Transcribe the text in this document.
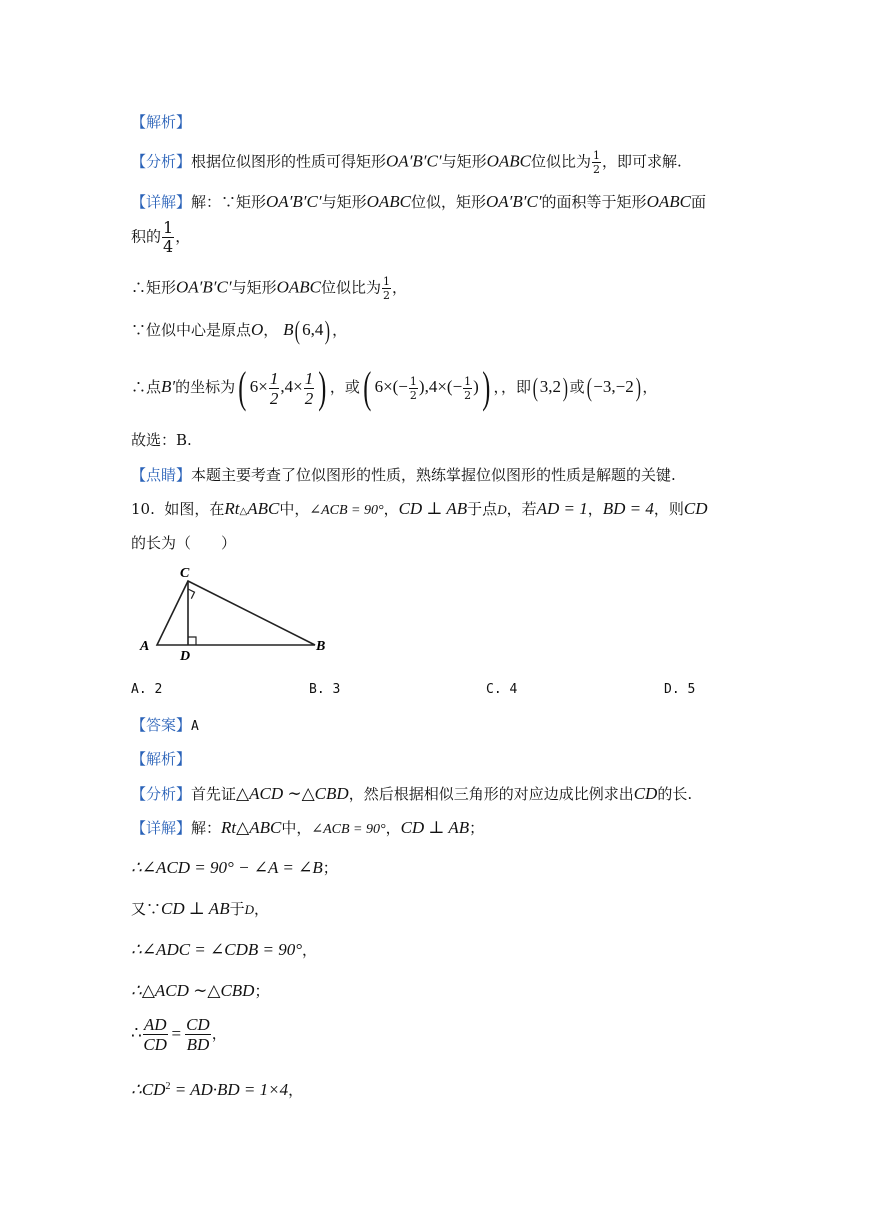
【解析】
【分析】根据位似图形的性质可得矩形OA′B′C′与矩形OABC位似比为 $\frac{1}{2}$ ，即可求解.
【详解】解：∵矩形OA′B′C′与矩形OABC位似，矩形OA′B′C′的面积等于矩形OABC面
积的 $\frac{1}{4}$ ，
∴矩形OA′B′C′与矩形OABC位似比为 $\frac{1}{2}$ ，
∵位似中心是原点O， B( 6,4) ，
∴点B′的坐标为( $6\times \frac{1}{2} ,4\times \frac{1}{2}$ ) ，或( $6\times(- \frac{1}{2} ),4\times(- \frac{1}{2}$ )) ，，即( 3,2) 或( −3,−2) ，
故选：B.
【点睛】本题主要考查了位似图形的性质，熟练掌握位似图形的性质是解题的关键.
10. 如图，在Rt△ABC中，∠ACB = 90°，CD ⊥ AB于点D，若AD = 1，BD = 4，则CD
的长为（　　）
C
A
D
B
A. 2	B. 3	C. 4	D. 5
【答案】A
【解析】
【分析】首先证△ACD ∼△CBD，然后根据相似三角形的对应边成比例求出CD的长.
【详解】解：Rt△ABC中，∠ACB = 90°，CD ⊥ AB；
∴∠ACD = 90° − ∠A = ∠B；
又∵CD ⊥ AB于D，
∴∠ADC = ∠CDB = 90°，
∴△ACD ∼△CBD；
∴ $\frac{AD}{CD} = \frac{CD}{BD}$ ，
$\therefore CD^2 = AD\cdot BD = 1\times 4$，
